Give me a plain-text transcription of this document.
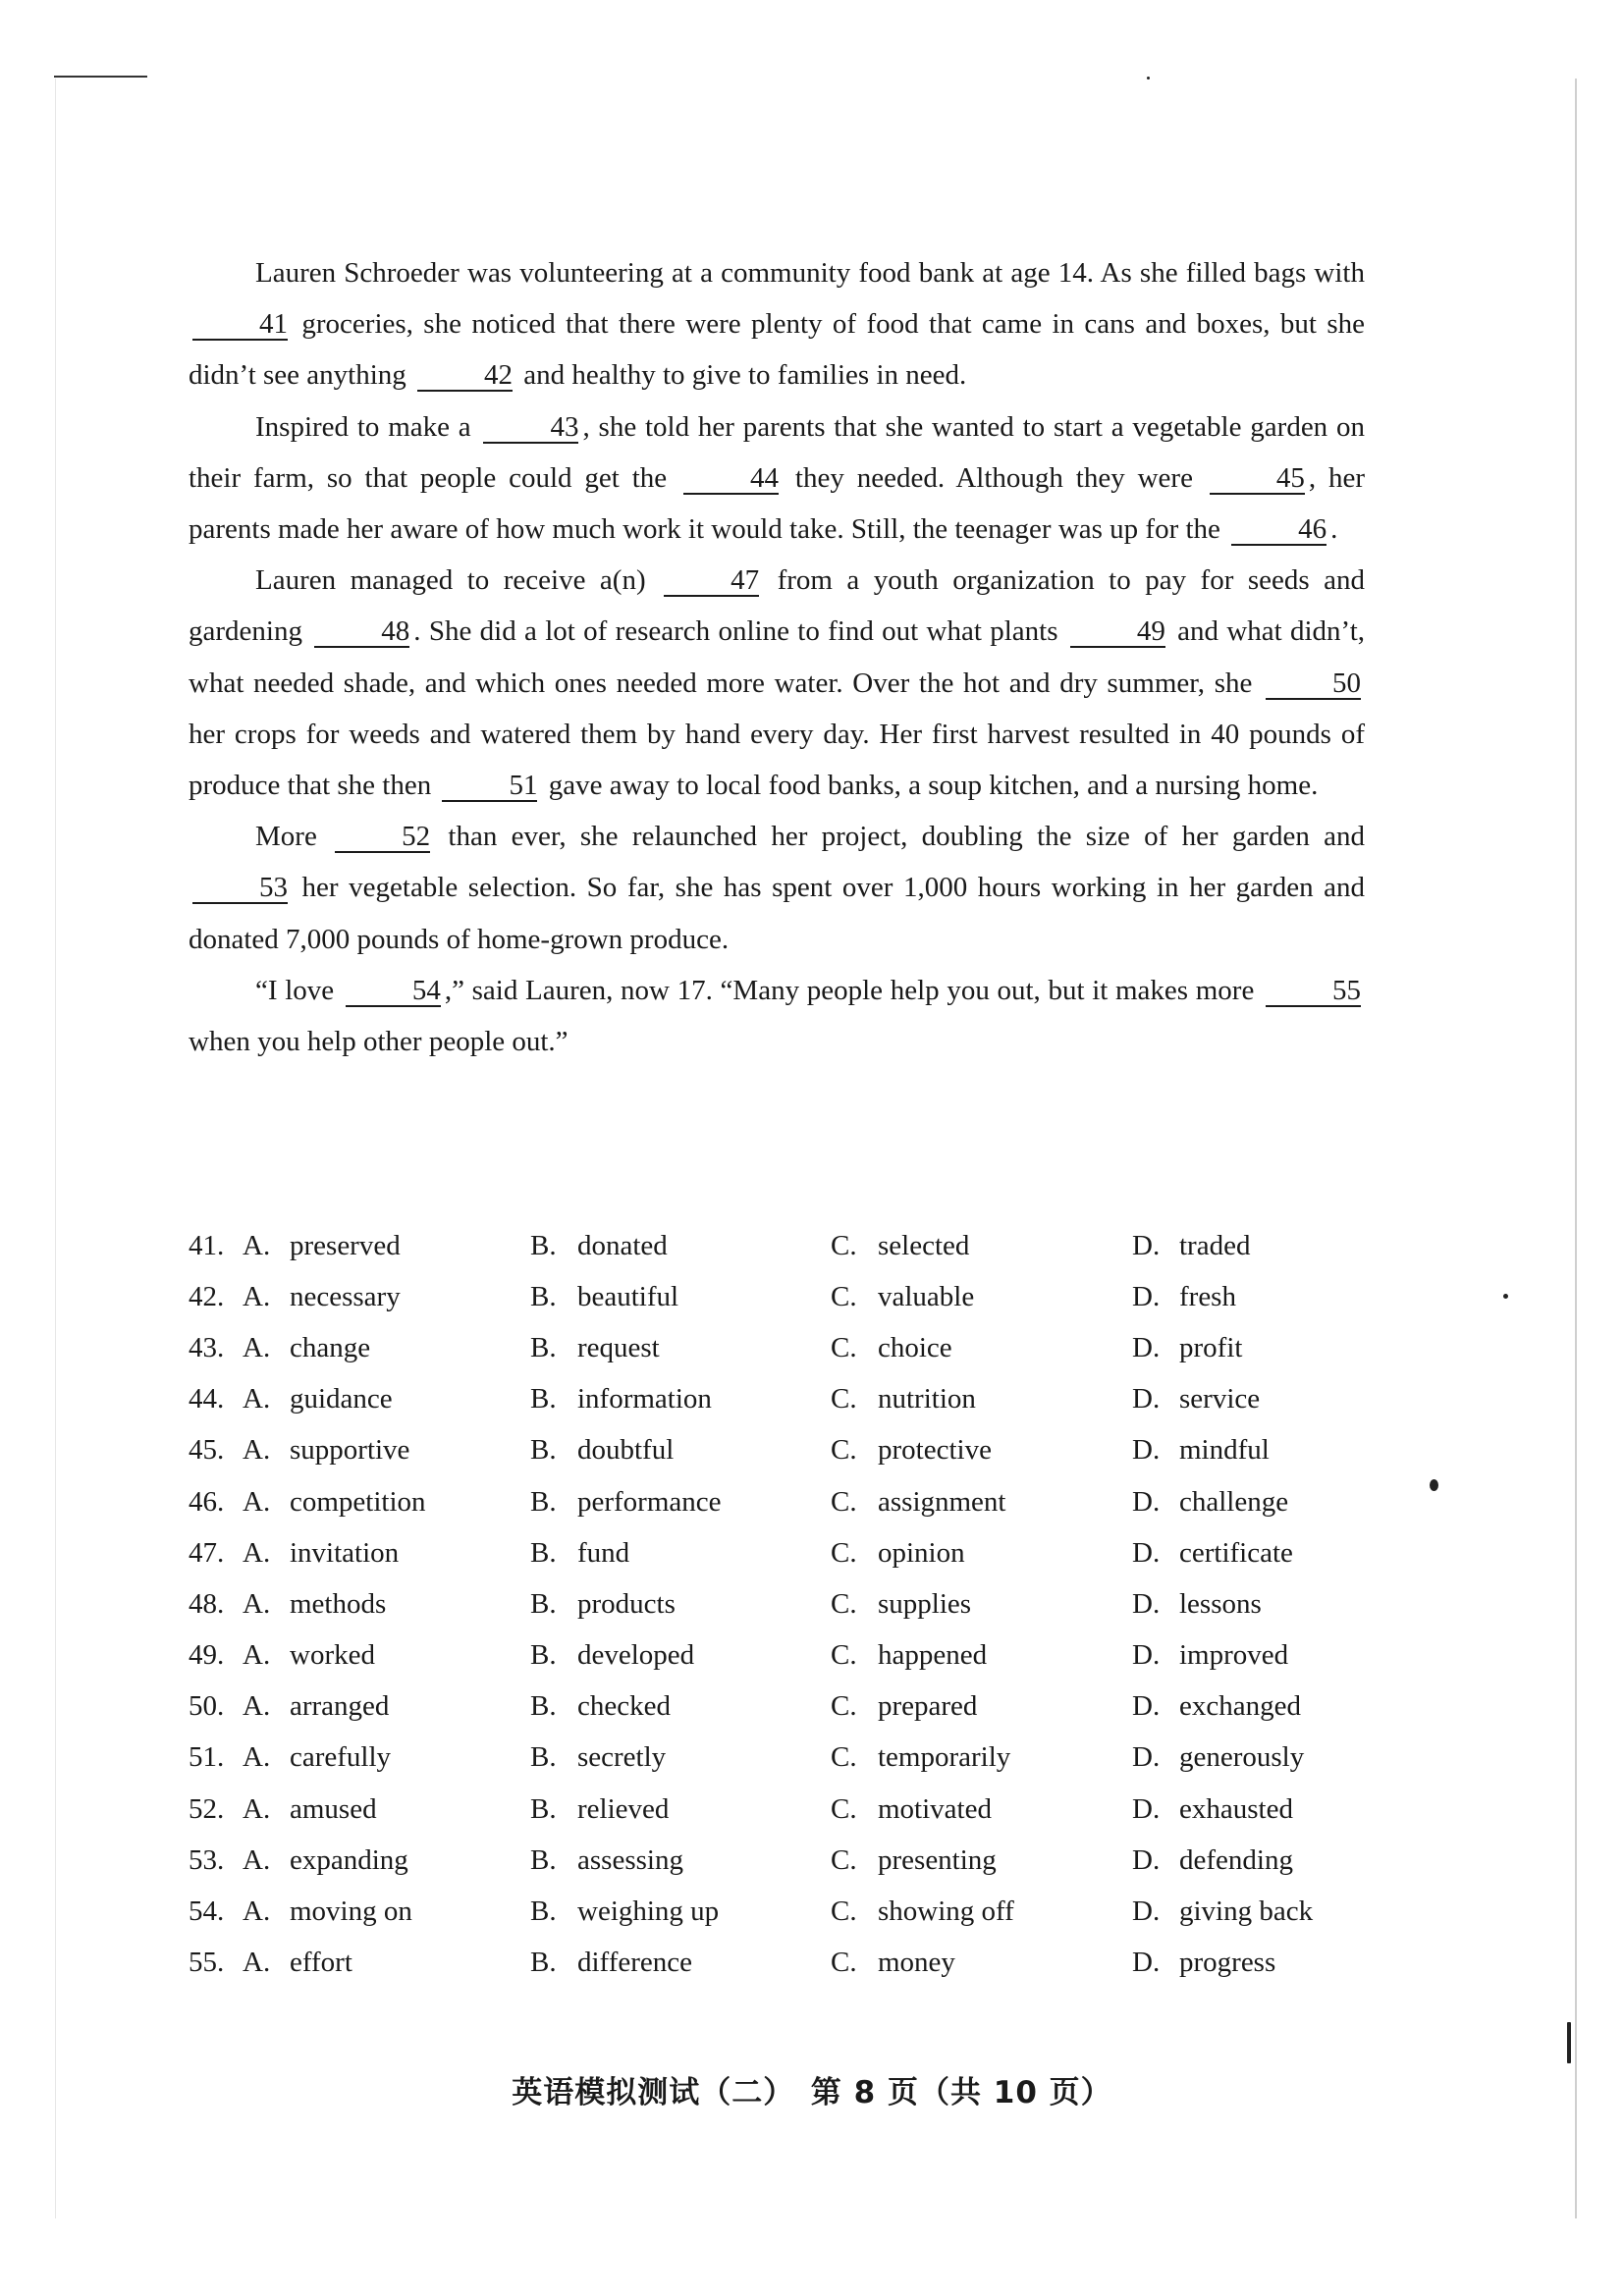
Lauren Schroeder was volunteering at a community food bank at age 14. As she filled bags with 41 groceries, she noticed that there were plenty of food that came in cans and boxes, but she didn’t see anything 42 and healthy to give to families in need.

Inspired to make a 43 , she told her parents that she wanted to start a vegetable garden on their farm, so that people could get the 44 they needed. Although they were 45 , her parents made her aware of how much work it would take. Still, the teenager was up for the 46 .

Lauren managed to receive a(n) 47 from a youth organization to pay for seeds and gardening 48 . She did a lot of research online to find out what plants 49 and what didn’t, what needed shade, and which ones needed more water. Over the hot and dry summer, she 50 her crops for weeds and watered them by hand every day. Her first harvest resulted in 40 pounds of produce that she then 51 gave away to local food banks, a soup kitchen, and a nursing home.

More 52 than ever, she relaunched her project, doubling the size of her garden and 53 her vegetable selection. So far, she has spent over 1,000 hours working in her garden and donated 7,000 pounds of home-grown produce.

“I love 54 ,” said Lauren, now 17. “Many people help you out, but it makes more 55 when you help other people out.”

41. A. preserved	B. donated	C. selected	D. traded
42. A. necessary	B. beautiful	C. valuable	D. fresh
43. A. change	B. request	C. choice	D. profit
44. A. guidance	B. information	C. nutrition	D. service
45. A. supportive	B. doubtful	C. protective	D. mindful
46. A. competition	B. performance	C. assignment	D. challenge
47. A. invitation	B. fund	C. opinion	D. certificate
48. A. methods	B. products	C. supplies	D. lessons
49. A. worked	B. developed	C. happened	D. improved
50. A. arranged	B. checked	C. prepared	D. exchanged
51. A. carefully	B. secretly	C. temporarily	D. generously
52. A. amused	B. relieved	C. motivated	D. exhausted
53. A. expanding	B. assessing	C. presenting	D. defending
54. A. moving on	B. weighing up	C. showing off	D. giving back
55. A. effort	B. difference	C. money	D. progress
英语模拟测试（二）　第 8 页（共 10 页）
